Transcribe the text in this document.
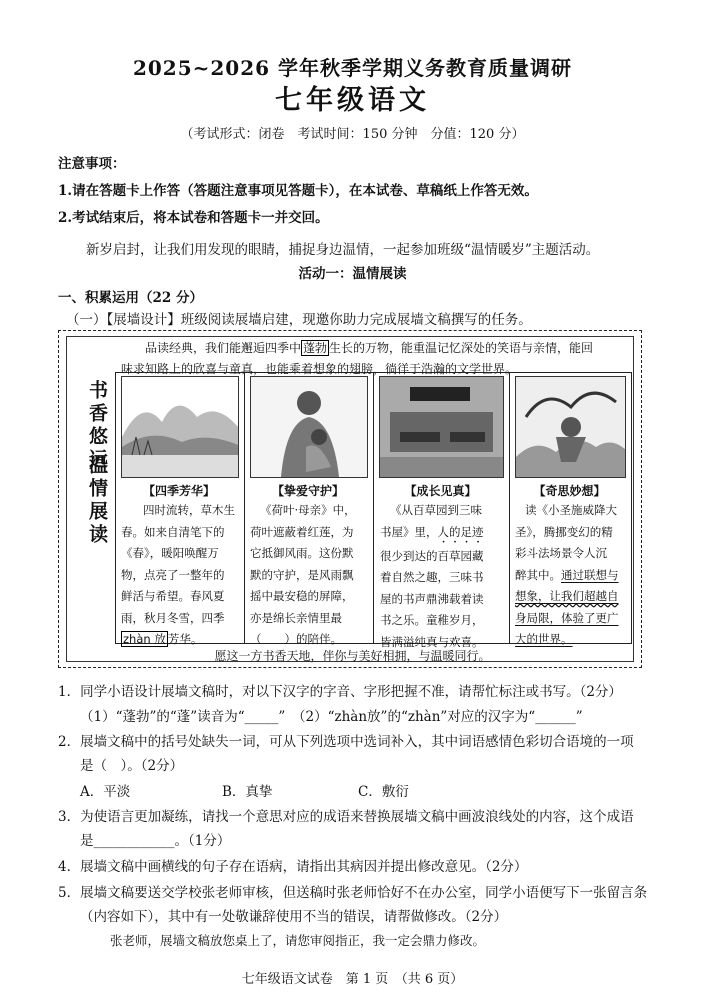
2025~2026 学年秋季学期义务教育质量调研
七年级语文
（考试形式：闭卷　考试时间：150 分钟　分值：120 分）
注意事项：
1.请在答题卡上作答（答题注意事项见答题卡），在本试卷、草稿纸上作答无效。
2.考试结束后，将本试卷和答题卡一并交回。
新岁启封，让我们用发现的眼睛，捕捉身边温情，一起参加班级“温情暖岁”主题活动。
活动一：温情展读
一、积累运用（22 分）
（一）【展墙设计】班级阅读展墙启建，现邀你助力完成展墙文稿撰写的任务。
品读经典，我们能邂逅四季中 蓬勃 生长的万物，能重温记忆深处的笑语与亲情，能回
味求知路上的欣喜与童真，也能乘着想象的翅膀，徜徉于浩瀚的文学世界。
书香悠远
温情展读	【四季芳华】
四时流转，草木生
春。如来自清笔下的
《春》，暖阳唤醒万
物，点亮了一整年的
鲜活与希望。春风夏
雨，秋月冬雪，四季
zhàn 放 芳华。
【挚爱守护】
《荷叶·母亲》中，
荷叶遮蔽着红莲，为
它抵御风雨。这份默
默的守护，是风雨飘
摇中最安稳的屏障，
亦是绵长亲情里最
（　　）的陪伴。
【成长见真】
《从百草园到三味
书屋》里，人的足迹
很少到达的百草园藏
着自然之趣，三味书
屋的书声鼎沸载着读
书之乐。童稚岁月，
皆满溢纯真与欢喜。
【奇思妙想】
读《小圣施威降大
圣》，腾挪变幻的精
彩斗法场景令人沉
醉其中。通过联想与
想象，让我们超越自
身局限，体验了更广
大的世界。
愿这一方书香天地，伴你与美好相拥，与温暖同行。
1．同学小语设计展墙文稿时，对以下汉字的字音、字形把握不准，请帮忙标注或书写。（2分）
（1）“蓬勃”的“蓬”读音为“_____”　（2）“zhàn放”的“zhàn”对应的汉字为“______”
2．展墙文稿中的括号处缺失一词，可从下列选项中选词补入，其中词语感情色彩切合语境的一项
是（　）。（2分）
A．平淡	B．真挚	C．敷衍
3．为使语言更加凝练，请找一个意思对应的成语来替换展墙文稿中画波浪线处的内容，这个成语
是____________。（1分）
4．展墙文稿中画横线的句子存在语病，请指出其病因并提出修改意见。（2分）
5．展墙文稿要送交学校张老师审核，但送稿时张老师恰好不在办公室，同学小语便写下一张留言条
（内容如下），其中有一处敬谦辞使用不当的错误，请帮做修改。（2分）
张老师，展墙文稿放您桌上了，请您审阅指正，我一定会鼎力修改。
七年级语文试卷　第 1 页　（共 6 页）
